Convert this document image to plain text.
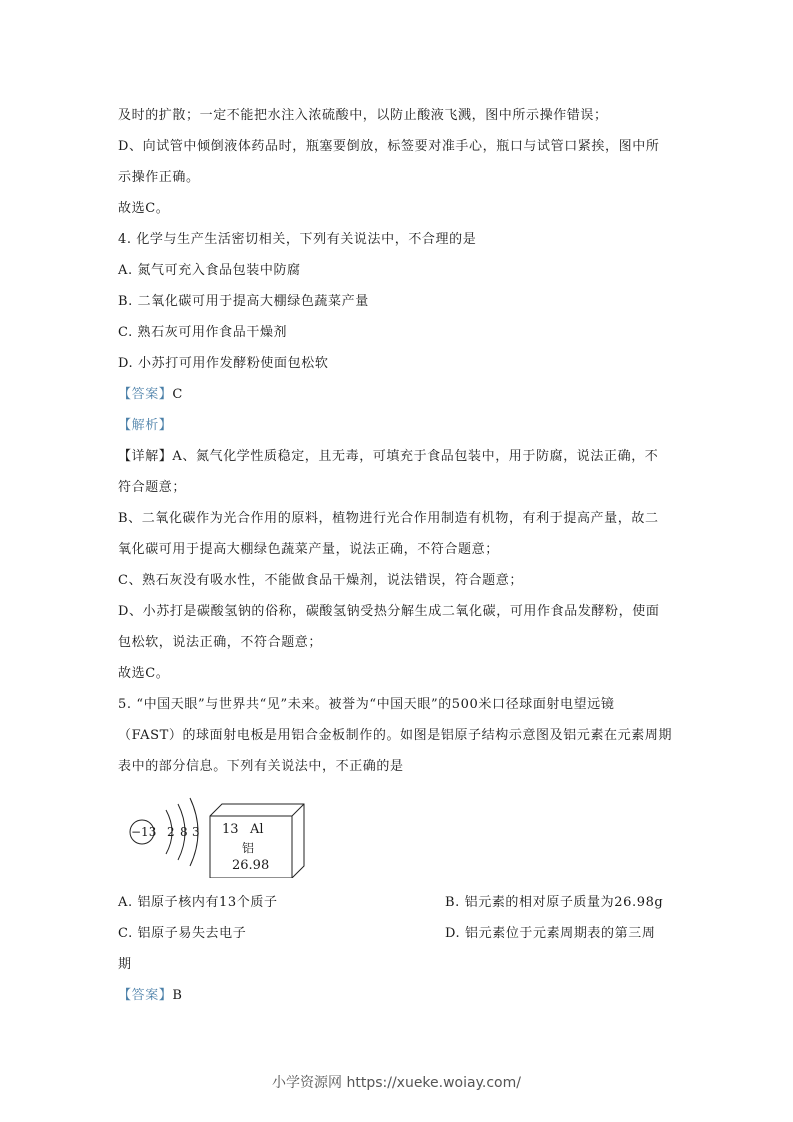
及时的扩散；一定不能把水注入浓硫酸中，以防止酸液飞溅，图中所示操作错误；
D、向试管中倾倒液体药品时，瓶塞要倒放，标签要对准手心，瓶口与试管口紧挨，图中所
示操作正确。
故选C。
4. 化学与生产生活密切相关，下列有关说法中，不合理的是
A. 氮气可充入食品包装中防腐
B. 二氧化碳可用于提高大棚绿色蔬菜产量
C. 熟石灰可用作食品干燥剂
D. 小苏打可用作发酵粉使面包松软
【答案】C
【解析】
【详解】A、氮气化学性质稳定，且无毒，可填充于食品包装中，用于防腐，说法正确，不
符合题意；
B、二氧化碳作为光合作用的原料，植物进行光合作用制造有机物，有利于提高产量，故二
氧化碳可用于提高大棚绿色蔬菜产量，说法正确，不符合题意；
C、熟石灰没有吸水性，不能做食品干燥剂，说法错误，符合题意；
D、小苏打是碳酸氢钠的俗称，碳酸氢钠受热分解生成二氧化碳，可用作食品发酵粉，使面
包松软，说法正确，不符合题意；
故选C。
5. “中国天眼”与世界共“见”未来。被誉为“中国天眼”的500米口径球面射电望远镜
（FAST）的球面射电板是用铝合金板制作的。如图是铝原子结构示意图及铝元素在元素周期
表中的部分信息。下列有关说法中，不正确的是
−13 2 8 3 13 Al
铝
26.98
A. 铝原子核内有13个质子	B. 铝元素的相对原子质量为26.98g
C. 铝原子易失去电子	D. 铝元素位于元素周期表的第三周
期
【答案】B
小学资源网 https://xueke.woiay.com/
